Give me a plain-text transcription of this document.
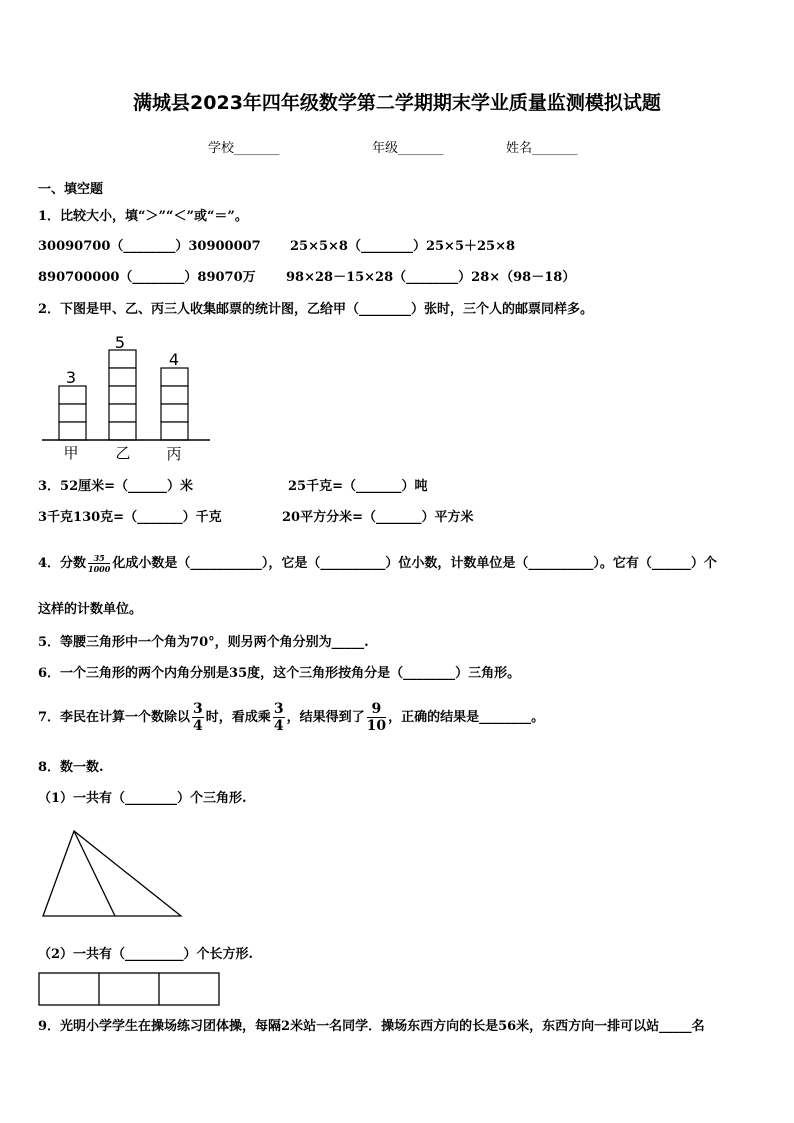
满城县2023年四年级数学第二学期期末学业质量监测模拟试题
学校_______	年级_______	姓名_______
一、填空题
1．比较大小，填“＞”“＜”或“＝”。
30090700（________）30900007 25×5×8（________）25×5＋25×8
890700000（________）89070万 98×28－15×28（________）28×（98－18）
2．下图是甲、乙、丙三人收集邮票的统计图，乙给甲（________）张时，三个人的邮票同样多。
3
5
4
甲 乙 丙
3．52厘米=（______）米	25千克=（_______）吨
3千克130克=（_______）千克	20平方分米=（_______）平方米
4．分数 $\frac{35}{1000}$ 化成小数是（___________），它是（__________）位小数，计数单位是（__________）。它有（______）个
这样的计数单位。
5．等腰三角形中一个角为70°，则另两个角分别为_____.
6．一个三角形的两个内角分别是35度，这个三角形按角分是（________）三角形。
7．李民在计算一个数除以 $\frac{3}{4}$ 时，看成乘 $\frac{3}{4}$ ，结果得到了 $\frac{9}{10}$ ，正确的结果是________。
8．数一数.
（1）一共有（________）个三角形.
（2）一共有（_________）个长方形.
9．光明小学学生在操场练习团体操，每隔2米站一名同学．操场东西方向的长是56米，东西方向一排可以站_____名
